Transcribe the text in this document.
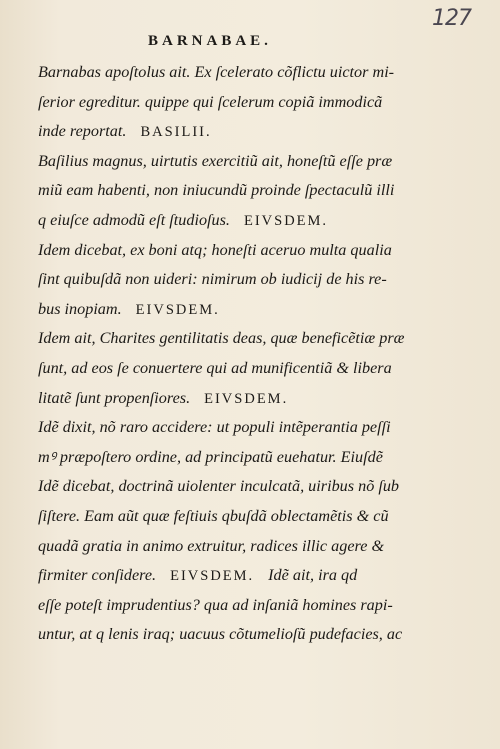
127
BARNABAE.
Barnabas apoſtolus ait. Ex ſcelerato cõflictu uictor mi-
ſerior egreditur. quippe qui ſcelerum copiã immodicã
inde reportat. BASILII.
Baſilius magnus, uirtutis exercitiũ ait, honeſtũ eſſe præ
miũ eam habenti, non iniucundũ proinde ſpectaculũ illi
q eiuſce admodũ eſt ſtudioſus. EIVSDEM.
Idem dicebat, ex boni atq; honeſti aceruo multa qualia
ſint quibuſdã non uideri: nimirum ob iudicij de his re-
bus inopiam. EIVSDEM.
Idem ait, Charites gentilitatis deas, quæ beneficẽtiæ præ
ſunt, ad eos ſe conuertere qui ad munificentiã & libera
litatẽ ſunt propenſiores. EIVSDEM.
Idẽ dixit, nõ raro accidere: ut populi intẽperantia peſſi
mꝰ præpoſtero ordine, ad principatũ euehatur. Eiuſdẽ
Idẽ dicebat, doctrinã uiolenter inculcatã, uiribus nõ ſub
ſiſtere. Eam aũt quæ feſtiuis qbuſdã oblectamẽtis & cũ
quadã gratia in animo extruitur, radices illic agere &
firmiter conſidere. EIVSDEM. Idẽ ait, ira qd
eſſe poteſt imprudentius? qua ad inſaniã homines rapi-
untur, at q lenis iraq; uacuus cõtumelioſũ pudefacies, ac
